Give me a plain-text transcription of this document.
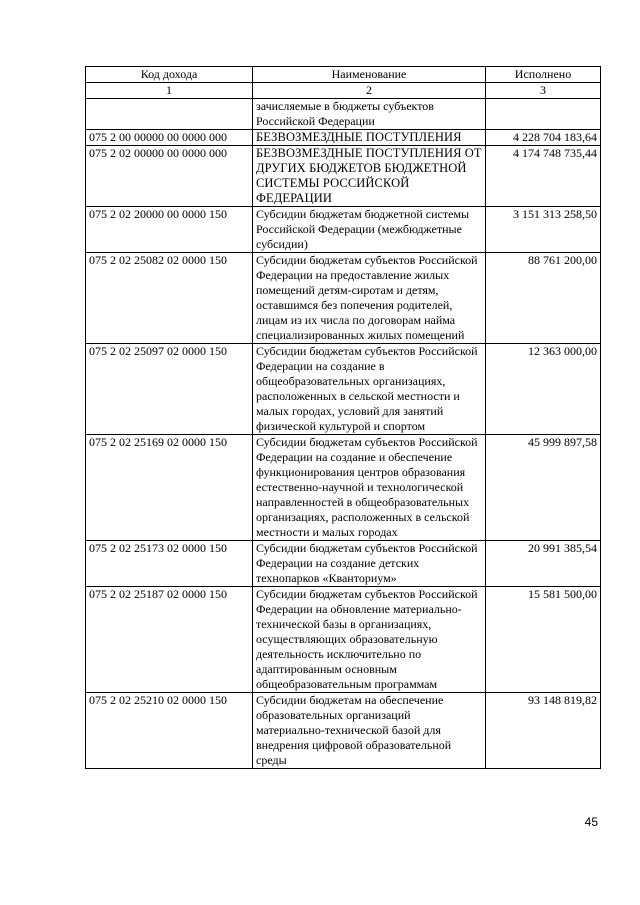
Код дохода	Наименование	Исполнено
1	2	3
	зачисляемые в бюджеты субъектов Российской Федерации	
075 2 00 00000 00 0000 000	БЕЗВОЗМЕЗДНЫЕ ПОСТУПЛЕНИЯ	4 228 704 183,64
075 2 02 00000 00 0000 000	БЕЗВОЗМЕЗДНЫЕ ПОСТУПЛЕНИЯ ОТ ДРУГИХ БЮДЖЕТОВ БЮДЖЕТНОЙ СИСТЕМЫ РОССИЙСКОЙ ФЕДЕРАЦИИ	4 174 748 735,44
075 2 02 20000 00 0000 150	Субсидии бюджетам бюджетной системы Российской Федерации (межбюджетные субсидии)	3 151 313 258,50
075 2 02 25082 02 0000 150	Субсидии бюджетам субъектов Российской Федерации на предоставление жилых помещений детям-сиротам и детям, оставшимся без попечения родителей, лицам из их числа по договорам найма специализированных жилых помещений	88 761 200,00
075 2 02 25097 02 0000 150	Субсидии бюджетам субъектов Российской Федерации на создание в общеобразовательных организациях, расположенных в сельской местности и малых городах, условий для занятий физической культурой и спортом	12 363 000,00
075 2 02 25169 02 0000 150	Субсидии бюджетам субъектов Российской Федерации на создание и обеспечение функционирования центров образования естественно-научной и технологической направленностей в общеобразовательных организациях, расположенных в сельской местности и малых городах	45 999 897,58
075 2 02 25173 02 0000 150	Субсидии бюджетам субъектов Российской Федерации на создание детских технопарков «Кванториум»	20 991 385,54
075 2 02 25187 02 0000 150	Субсидии бюджетам субъектов Российской Федерации на обновление материально-технической базы в организациях, осуществляющих образовательную деятельность исключительно по адаптированным основным общеобразовательным программам	15 581 500,00
075 2 02 25210 02 0000 150	Субсидии бюджетам на обеспечение образовательных организаций материально-технической базой для внедрения цифровой образовательной среды	93 148 819,82
45
